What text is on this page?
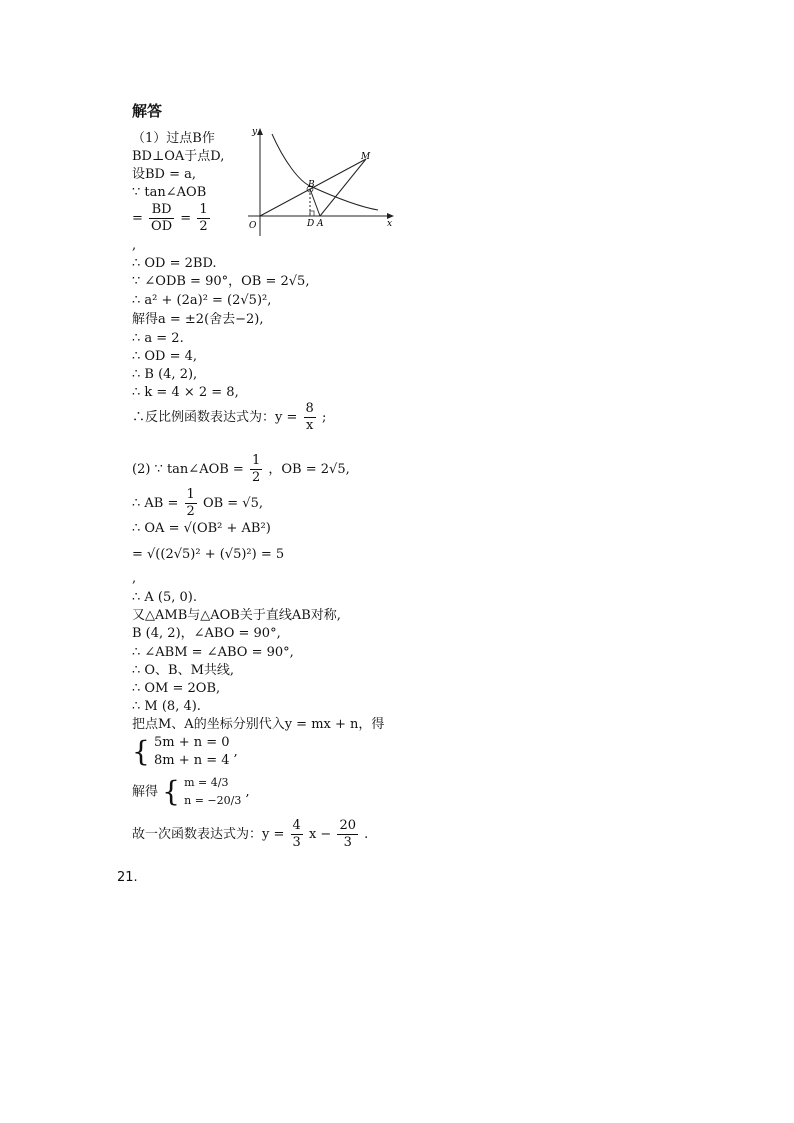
解答
y
x
O
B
M
D A
（1）过点B作
BD⊥OA于点D,
设BD = a,
∵ tan∠AOB
= $\frac{BD}{OD} = \frac{1}{2}$
,
∴ OD = 2BD.
∵ ∠ODB = 90°，OB = 2√5,
∴ a² + (2a)² = (2√5)²,
解得a = ±2(舍去−2),
∴ a = 2.
∴ OD = 4,
∴ B (4, 2),
∴ k = 4 × 2 = 8,
∴反比例函数表达式为：$y = \frac{8}{x}$ ;
(2) ∵ tan∠AOB = $\frac{1}{2}$ ，OB = 2√5,
∴ AB = $\frac{1}{2}$ OB = √5,
∴ OA = √(OB² + AB²)
= √((2√5)² + (√5)²) = 5
,
∴ A (5, 0).
又△AMB与△AOB关于直线AB对称,
B (4, 2)，∠ABO = 90°,
∴ ∠ABM = ∠ABO = 90°,
∴ O、B、M共线,
∴ OM = 2OB,
∴ M (8, 4).
把点M、A的坐标分别代入y = mx + n，得
{ 5m + n = 0
8m + n = 4
,
解得 { m = 4/3
n = −20/3
,
故一次函数表达式为：$y = \frac{4}{3}$ $x - \frac{20}{3}$ .
21.
